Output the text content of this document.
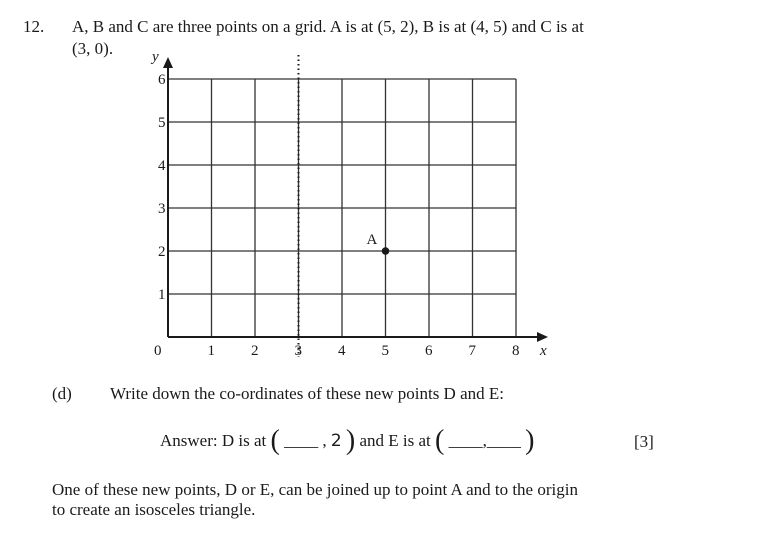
12. A, B and C are three points on a grid. A is at (5, 2), B is at (4, 5) and C is at
(3, 0).	y
x
0	1 2 3 4 5 6 7 8
1
2
3
4
5
6
A
(d) Write down the co-ordinates of these new points D and E:
Answer: D is at ( ____ , 2 ) and E is at ( ____,____ )	[3]
One of these new points, D or E, can be joined up to point A and to the origin
to create an isosceles triangle.
